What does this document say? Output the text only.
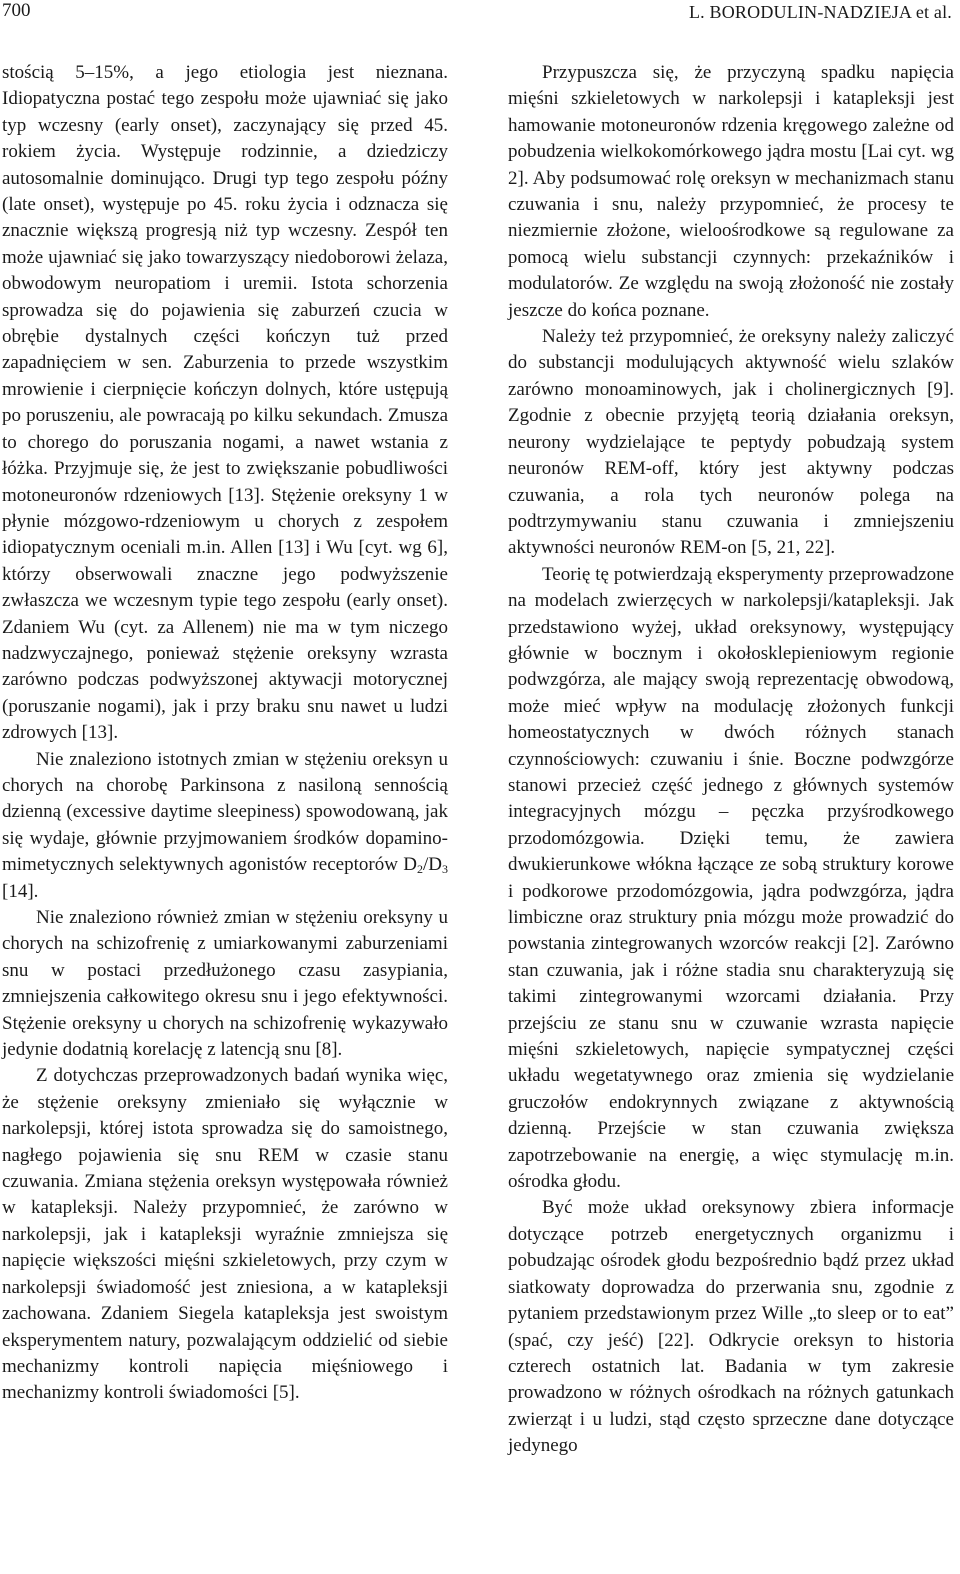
700	L. BORODULIN-NADZIEJA et al.

stością 5–15%, a jego etiologia jest nieznana. Idiopatyczna postać tego zespołu może ujawniać się jako typ wczesny (early onset), zaczynający się przed 45. rokiem życia. Występuje rodzinnie, a dziedziczy autosomalnie dominująco. Drugi typ tego zespołu późny (late onset), występuje po 45. roku życia i odznacza się znacznie większą progresją niż typ wczesny. Zespół ten może ujawniać się jako towarzyszący niedoborowi żelaza, obwodowym neuropatiom i uremii. Istota schorzenia sprowadza się do pojawienia się zaburzeń czucia w obrębie dystalnych części kończyn tuż przed zapadnięciem w sen. Zaburzenia to przede wszystkim mrowienie i cierpnięcie kończyn dolnych, które ustępują po poruszeniu, ale powracają po kilku sekundach. Zmusza to chorego do poruszania nogami, a nawet wstania z łóżka. Przyjmuje się, że jest to zwiększanie pobudliwości motoneuronów rdzeniowych [13]. Stężenie oreksyny 1 w płynie mózgowo-rdzeniowym u chorych z zespołem idiopatycznym oceniali m.in. Allen [13] i Wu [cyt. wg 6], którzy obserwowali znaczne jego podwyższenie zwłaszcza we wczesnym typie tego zespołu (early onset). Zdaniem Wu (cyt. za Allenem) nie ma w tym niczego nadzwyczajnego, ponieważ stężenie oreksyny wzrasta zarówno podczas podwyższonej aktywacji motorycznej (poruszanie nogami), jak i przy braku snu nawet u ludzi zdrowych [13].

Nie znaleziono istotnych zmian w stężeniu oreksyn u chorych na chorobę Parkinsona z nasiloną sennością dzienną (excessive daytime sleepiness) spowodowaną, jak się wydaje, głównie przyjmowaniem środków dopamino-mimetycznych selektywnych agonistów receptorów $D_2/D_3$ [14].

Nie znaleziono również zmian w stężeniu oreksyny u chorych na schizofrenię z umiarkowanymi zaburzeniami snu w postaci przedłużonego czasu zasypiania, zmniejszenia całkowitego okresu snu i jego efektywności. Stężenie oreksyny u chorych na schizofrenię wykazywało jedynie dodatnią korelację z latencją snu [8].

Z dotychczas przeprowadzonych badań wynika więc, że stężenie oreksyny zmieniało się wyłącznie w narkolepsji, której istota sprowadza się do samoistnego, nagłego pojawienia się snu REM w czasie stanu czuwania. Zmiana stężenia oreksyn występowała również w katapleksji. Należy przypomnieć, że zarówno w narkolepsji, jak i katapleksji wyraźnie zmniejsza się napięcie większości mięśni szkieletowych, przy czym w narkolepsji świadomość jest zniesiona, a w katapleksji zachowana. Zdaniem Siegela katapleksja jest swoistym eksperymentem natury, pozwalającym oddzielić od siebie mechanizmy kontroli napięcia mięśniowego i mechanizmy kontroli świadomości [5].

Przypuszcza się, że przyczyną spadku napięcia mięśni szkieletowych w narkolepsji i katapleksji jest hamowanie motoneuronów rdzenia kręgowego zależne od pobudzenia wielkokomórkowego jądra mostu [Lai cyt. wg 2]. Aby podsumować rolę oreksyn w mechanizmach stanu czuwania i snu, należy przypomnieć, że procesy te niezmiernie złożone, wieloośrodkowe są regulowane za pomocą wielu substancji czynnych: przekaźników i modulatorów. Ze względu na swoją złożoność nie zostały jeszcze do końca poznane.

Należy też przypomnieć, że oreksyny należy zaliczyć do substancji modulujących aktywność wielu szlaków zarówno monoaminowych, jak i cholinergicznych [9]. Zgodnie z obecnie przyjętą teorią działania oreksyn, neurony wydzielające te peptydy pobudzają system neuronów REM-off, który jest aktywny podczas czuwania, a rola tych neuronów polega na podtrzymywaniu stanu czuwania i zmniejszeniu aktywności neuronów REM-on [5, 21, 22].

Teorię tę potwierdzają eksperymenty przeprowadzone na modelach zwierzęcych w narkolepsji/katapleksji. Jak przedstawiono wyżej, układ oreksynowy, występujący głównie w bocznym i okołosklepieniowym regionie podwzgórza, ale mający swoją reprezentację obwodową, może mieć wpływ na modulację złożonych funkcji homeostatycznych w dwóch różnych stanach czynnościowych: czuwaniu i śnie. Boczne podwzgórze stanowi przecież część jednego z głównych systemów integracyjnych mózgu – pęczka przyśrodkowego przodomózgowia. Dzięki temu, że zawiera dwukierunkowe włókna łączące ze sobą struktury korowe i podkorowe przodomózgowia, jądra podwzgórza, jądra limbiczne oraz struktury pnia mózgu może prowadzić do powstania zintegrowanych wzorców reakcji [2]. Zarówno stan czuwania, jak i różne stadia snu charakteryzują się takimi zintegrowanymi wzorcami działania. Przy przejściu ze stanu snu w czuwanie wzrasta napięcie mięśni szkieletowych, napięcie sympatycznej części układu wegetatywnego oraz zmienia się wydzielanie gruczołów endokrynnych związane z aktywnością dzienną. Przejście w stan czuwania zwiększa zapotrzebowanie na energię, a więc stymulację m.in. ośrodka głodu.

Być może układ oreksynowy zbiera informacje dotyczące potrzeb energetycznych organizmu i pobudzając ośrodek głodu bezpośrednio bądź przez układ siatkowaty doprowadza do przerwania snu, zgodnie z pytaniem przedstawionym przez Wille „to sleep or to eat” (spać, czy jeść) [22]. Odkrycie oreksyn to historia czterech ostatnich lat. Badania w tym zakresie prowadzono w różnych ośrodkach na różnych gatunkach zwierząt i u ludzi, stąd często sprzeczne dane dotyczące jedynego
